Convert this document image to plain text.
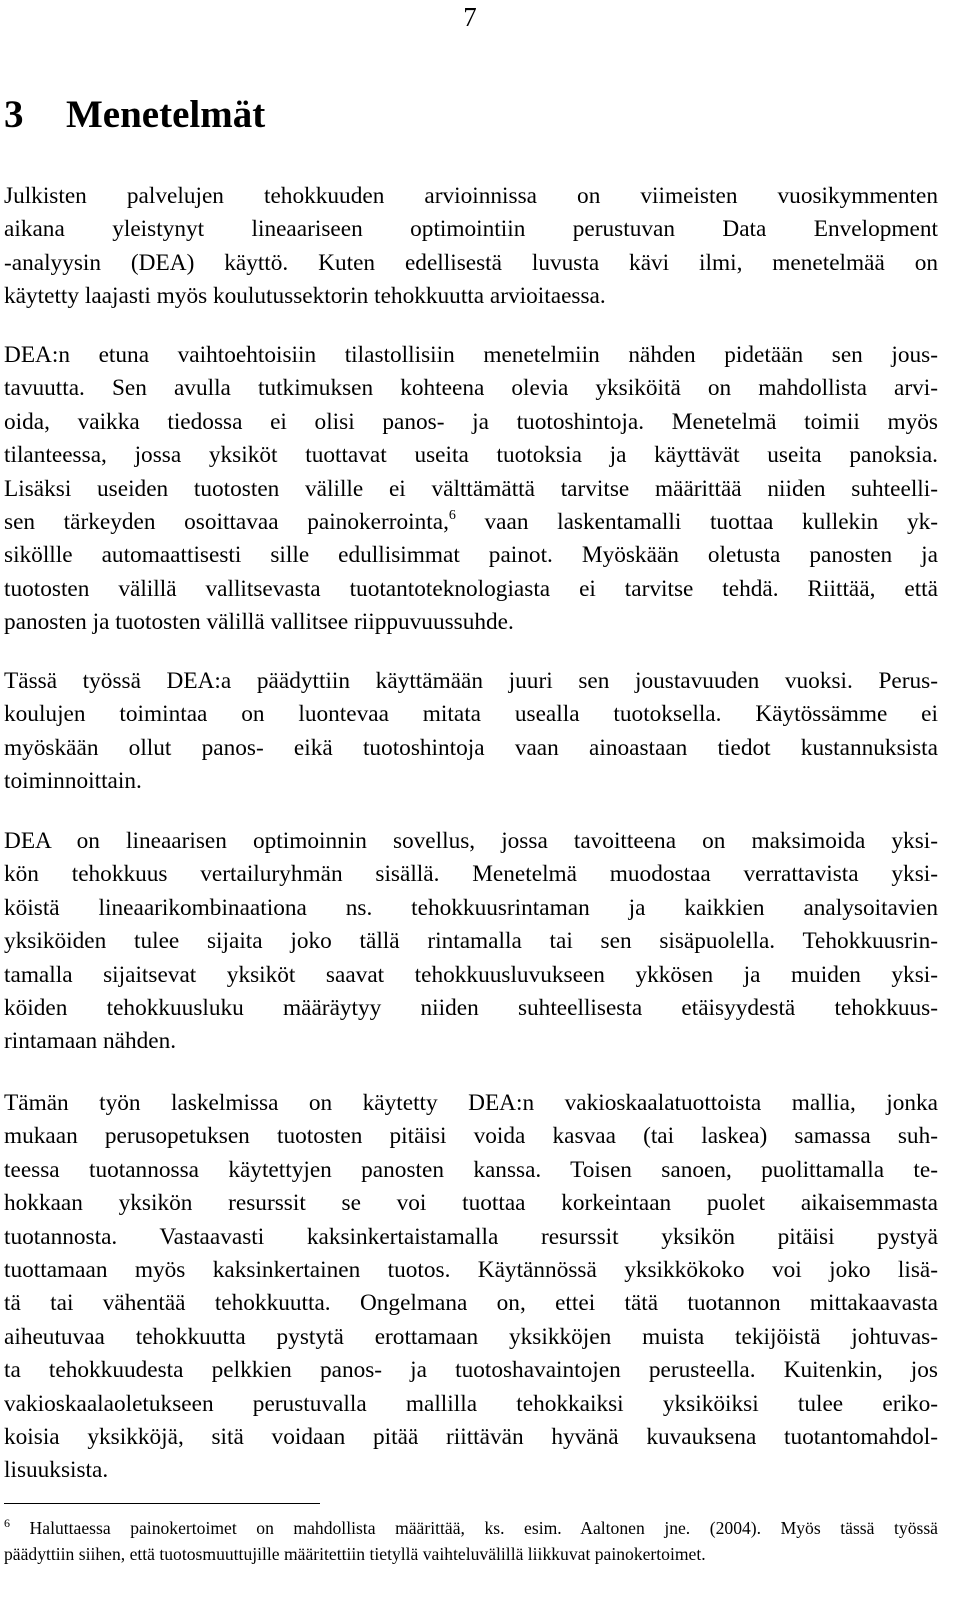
7
3 Menetelmät
Julkisten palvelujen tehokkuuden arvioinnissa on viimeisten vuosikymmenten
aikana yleistynyt lineaariseen optimointiin perustuvan Data Envelopment
-analyysin (DEA) käyttö. Kuten edellisestä luvusta kävi ilmi, menetelmää on
käytetty laajasti myös koulutussektorin tehokkuutta arvioitaessa.
DEA:n etuna vaihtoehtoisiin tilastollisiin menetelmiin nähden pidetään sen jous-
tavuutta. Sen avulla tutkimuksen kohteena olevia yksiköitä on mahdollista arvi-
oida, vaikka tiedossa ei olisi panos- ja tuotoshintoja. Menetelmä toimii myös
tilanteessa, jossa yksiköt tuottavat useita tuotoksia ja käyttävät useita panoksia.
Lisäksi useiden tuotosten välille ei välttämättä tarvitse määrittää niiden suhteelli-
sen tärkeyden osoittavaa painokerrointa,$^6$ vaan laskentamalli tuottaa kullekin yk-
siköllle automaattisesti sille edullisimmat painot. Myöskään oletusta panosten ja
tuotosten välillä vallitsevasta tuotantoteknologiasta ei tarvitse tehdä. Riittää, että
panosten ja tuotosten välillä vallitsee riippuvuussuhde.
Tässä työssä DEA:a päädyttiin käyttämään juuri sen joustavuuden vuoksi. Perus-
koulujen toimintaa on luontevaa mitata usealla tuotoksella. Käytössämme ei
myöskään ollut panos- eikä tuotoshintoja vaan ainoastaan tiedot kustannuksista
toiminnoittain.
DEA on lineaarisen optimoinnin sovellus, jossa tavoitteena on maksimoida yksi-
kön tehokkuus vertailuryhmän sisällä. Menetelmä muodostaa verrattavista yksi-
köistä lineaarikombinaationa ns. tehokkuusrintaman ja kaikkien analysoitavien
yksiköiden tulee sijaita joko tällä rintamalla tai sen sisäpuolella. Tehokkuusrin-
tamalla sijaitsevat yksiköt saavat tehokkuusluvukseen ykkösen ja muiden yksi-
köiden tehokkuusluku määräytyy niiden suhteellisesta etäisyydestä tehokkuus-
rintamaan nähden.
Tämän työn laskelmissa on käytetty DEA:n vakioskaalatuottoista mallia, jonka
mukaan perusopetuksen tuotosten pitäisi voida kasvaa (tai laskea) samassa suh-
teessa tuotannossa käytettyjen panosten kanssa. Toisen sanoen, puolittamalla te-
hokkaan yksikön resurssit se voi tuottaa korkeintaan puolet aikaisemmasta
tuotannosta. Vastaavasti kaksinkertaistamalla resurssit yksikön pitäisi pystyä
tuottamaan myös kaksinkertainen tuotos. Käytännössä yksikkökoko voi joko lisä-
tä tai vähentää tehokkuutta. Ongelmana on, ettei tätä tuotannon mittakaavasta
aiheutuvaa tehokkuutta pystytä erottamaan yksikköjen muista tekijöistä johtuvas-
ta tehokkuudesta pelkkien panos- ja tuotoshavaintojen perusteella. Kuitenkin, jos
vakioskaalaoletukseen perustuvalla mallilla tehokkaiksi yksiköiksi tulee eriko-
koisia yksikköjä, sitä voidaan pitää riittävän hyvänä kuvauksena tuotantomahdol-
lisuuksista.
$^6$ Haluttaessa painokertoimet on mahdollista määrittää, ks. esim. Aaltonen jne. (2004). Myös tässä työssä
päädyttiin siihen, että tuotosmuuttujille määritettiin tietyllä vaihteluvälillä liikkuvat painokertoimet.
